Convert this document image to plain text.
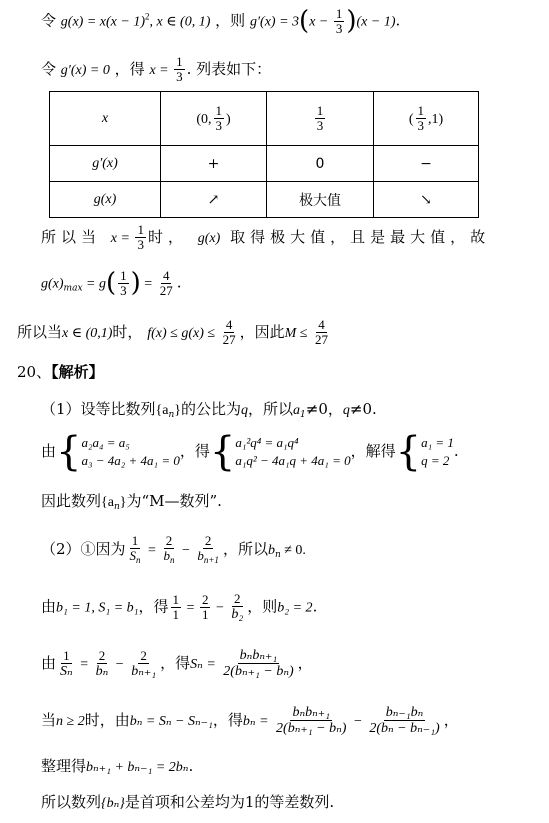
令 $g(x) = x(x - 1)^2$, x ∈ (0, 1) ，则 $g'(x) = 3(x - \frac{1}{3} )(x - 1)$.
令 g′(x) = 0 ，得 $x = \frac{1}{3}$ . 列表如下：
x	(0, $\frac{1}{3}$ )	$\frac{1}{3}$	( $\frac{1}{3} ,1$)
g′(x)	+	0	−
g(x)	↗	极大值	↘
所以当 $x = \frac{1}{3}$ 时， g(x) 取得极大值，且是最大值，故
$g(x)_{max} = g( \frac{1}{3}$ ) = $\frac{4}{27}$ .
所以当x ∈ (0,1)时， $f(x) \le g(x) \le \frac{4}{27}$ ，因此$M \le \frac{4}{27}$
20、【解析】
（1）设等比数列$\{a_n\}$的公比为q，所以$a_1\ne 0$，q≠0.
由{ a₂a₄ = a₅
a₃ − 4a₂ + 4a₁ = 0
，得{ a₁²q⁴ = a₁q⁴
a₁q² − 4a₁q + 4a₁ = 0
，解得{ a₁ = 1
q = 2
.
因此数列$\{a_n\}$为“M—数列”.
（2）①因为 $\frac{1}{S_n} = \frac{2}{b_n} - \frac{2}{b_{n+1}}$ ，所以$b_n \ne 0$.
由b₁ = 1, S₁ = b₁，得 $\frac{1}{1} = \frac{2}{1} - \frac{2}{\text{b₂}}$ ，则b₂ = 2.
由 $\frac{1}{\text{Sₙ}} = \frac{2}{\text{bₙ}} - \frac{2}{\text{bₙ₊₁}}$ ，得$S_n = \frac{\text{bₙbₙ₊₁}}{\text{2(bₙ₊₁ − bₙ)}}$ ，
当n ≥ 2时，由bₙ = Sₙ − Sₙ₋₁，得$b_n = \frac{\text{bₙbₙ₊₁}}{\text{2(bₙ₊₁ − bₙ)}} - \frac{\text{bₙ₋₁bₙ}}{\text{2(bₙ − bₙ₋₁)}}$ ，
整理得bₙ₊₁ + bₙ₋₁ = 2bₙ.
所以数列{bₙ}是首项和公差均为1的等差数列.
